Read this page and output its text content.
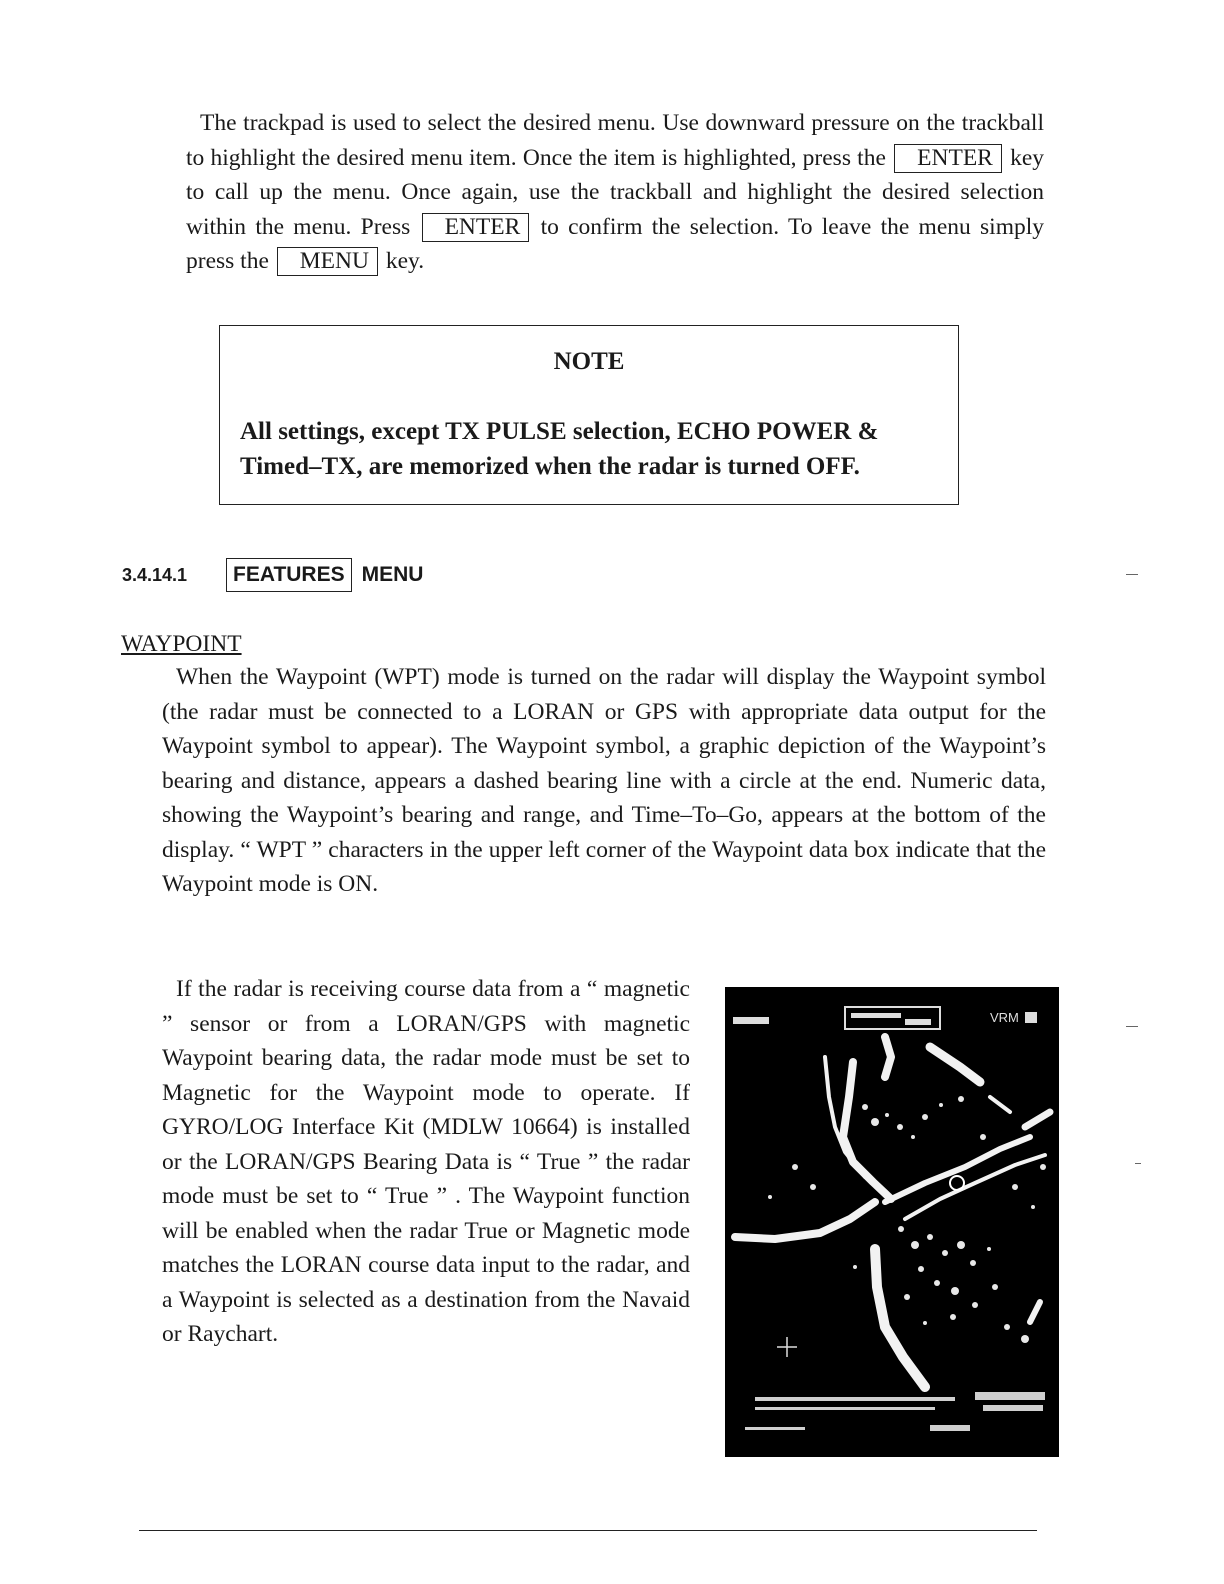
The trackpad is used to select the desired menu. Use downward pressure on the trackball to highlight the desired menu item. Once the item is highlighted, press the ENTER key to call up the menu. Once again, use the trackball and highlight the desired selection within the menu. Press ENTER to confirm the selection. To leave the menu simply press the MENU key.
NOTE
All settings, except TX PULSE selection, ECHO POWER & Timed–TX, are memorized when the radar is turned OFF.
3.4.14.1	FEATURES MENU
WAYPOINT
When the Waypoint (WPT) mode is turned on the radar will display the Waypoint symbol (the radar must be connected to a LORAN or GPS with appropriate data output for the Waypoint symbol to appear). The Waypoint symbol, a graphic depiction of the Waypoint’s bearing and distance, appears a dashed bearing line with a circle at the end. Numeric data, showing the Waypoint’s bearing and range, and Time–To–Go, appears at the bottom of the display. “ WPT ” characters in the upper left corner of the Waypoint data box indicate that the Waypoint mode is ON.
If the radar is receiving course data from a “ magnetic ” sensor or from a LORAN/GPS with magnetic Waypoint bearing data, the radar mode must be set to Magnetic for the Waypoint mode to operate. If GYRO/LOG Interface Kit (MDLW 10664) is installed or the LORAN/GPS Bearing Data is “ True ” the radar mode must be set to “ True ” . The Waypoint function will be enabled when the radar True or Magnetic mode matches the LORAN course data input to the radar, and a Waypoint is selected as a destination from the Navaid or Raychart.
VRM
